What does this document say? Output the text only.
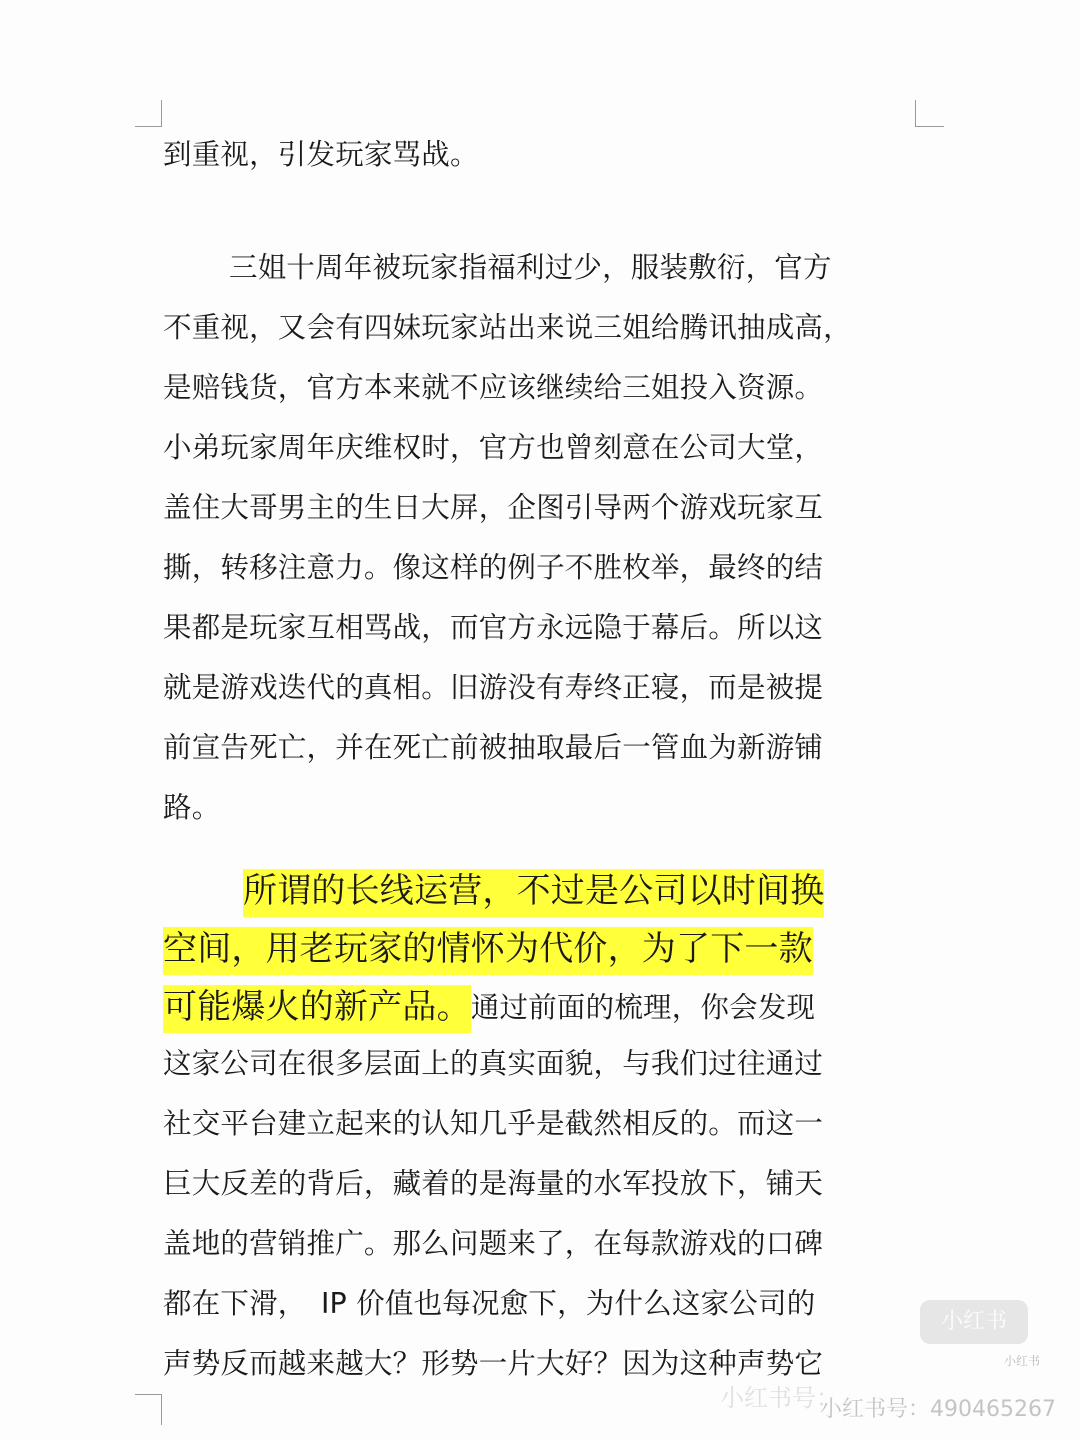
到重视，引发玩家骂战。
三姐十周年被玩家指福利过少，服装敷衍，官方
不重视，又会有四妹玩家站出来说三姐给腾讯抽成高，
是赔钱货，官方本来就不应该继续给三姐投入资源。
小弟玩家周年庆维权时，官方也曾刻意在公司大堂，
盖住大哥男主的生日大屏，企图引导两个游戏玩家互
撕，转移注意力。像这样的例子不胜枚举，最终的结
果都是玩家互相骂战，而官方永远隐于幕后。所以这
就是游戏迭代的真相。旧游没有寿终正寝，而是被提
前宣告死亡，并在死亡前被抽取最后一管血为新游铺
路。
所谓的长线运营，不过是公司以时间换
空间，用老玩家的情怀为代价，为了下一款
可能爆火的新产品。通过前面的梳理，你会发现
这家公司在很多层面上的真实面貌，与我们过往通过
社交平台建立起来的认知几乎是截然相反的。而这一
巨大反差的背后，藏着的是海量的水军投放下，铺天
盖地的营销推广。那么问题来了，在每款游戏的口碑
都在下滑，　IP 价值也每况愈下，为什么这家公司的
声势反而越来越大？形势一片大好？因为这种声势它
小红书
小红书
小红书号：
小红书号：4904652​67
